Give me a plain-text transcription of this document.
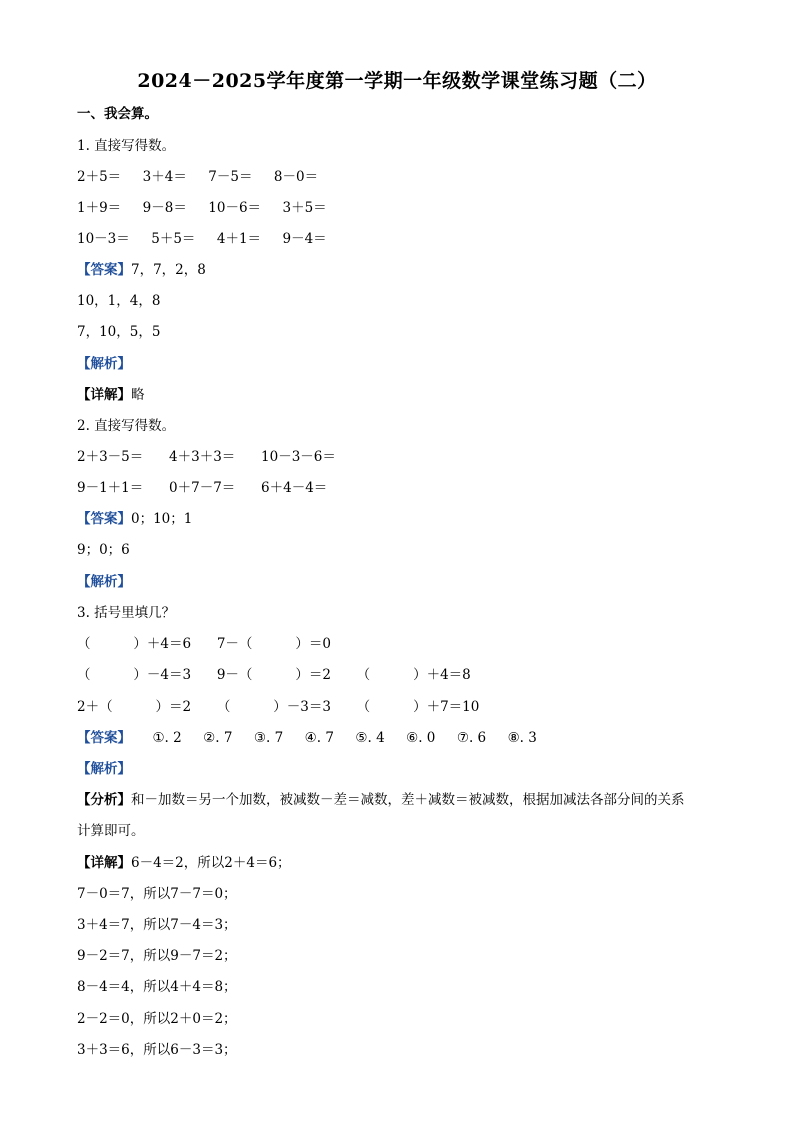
2024－2025学年度第一学期一年级数学课堂练习题（二）
一、我会算。
1. 直接写得数。
2＋5＝     3＋4＝     7－5＝     8－0＝
1＋9＝     9－8＝     10－6＝     3＋5＝
10－3＝     5＋5＝     4＋1＝     9－4＝
【答案】7，7，2，8
10，1，4，8
7，10，5，5
【解析】
【详解】略
2. 直接写得数。
2＋3－5＝      4＋3＋3＝      10－3－6＝
9－1＋1＝      0＋7－7＝      6＋4－4＝
【答案】0；10；1
9；0；6
【解析】
3. 括号里填几？
（          ）＋4＝6      7－（          ）＝0
（          ）－4＝3      9－（          ）＝2      （          ）＋4＝8
2＋（          ）＝2      （          ）－3＝3      （          ）＋7＝10
【答案】     ①. 2     ②. 7     ③. 7     ④. 7     ⑤. 4     ⑥. 0     ⑦. 6     ⑧. 3
【解析】
【分析】和－加数＝另一个加数，被减数－差＝减数，差＋减数＝被减数，根据加减法各部分间的关系
计算即可。
【详解】6－4＝2，所以2＋4＝6；
7－0＝7，所以7－7＝0；
3＋4＝7，所以7－4＝3；
9－2＝7，所以9－7＝2；
8－4＝4，所以4＋4＝8；
2－2＝0，所以2＋0＝2；
3＋3＝6，所以6－3＝3；
